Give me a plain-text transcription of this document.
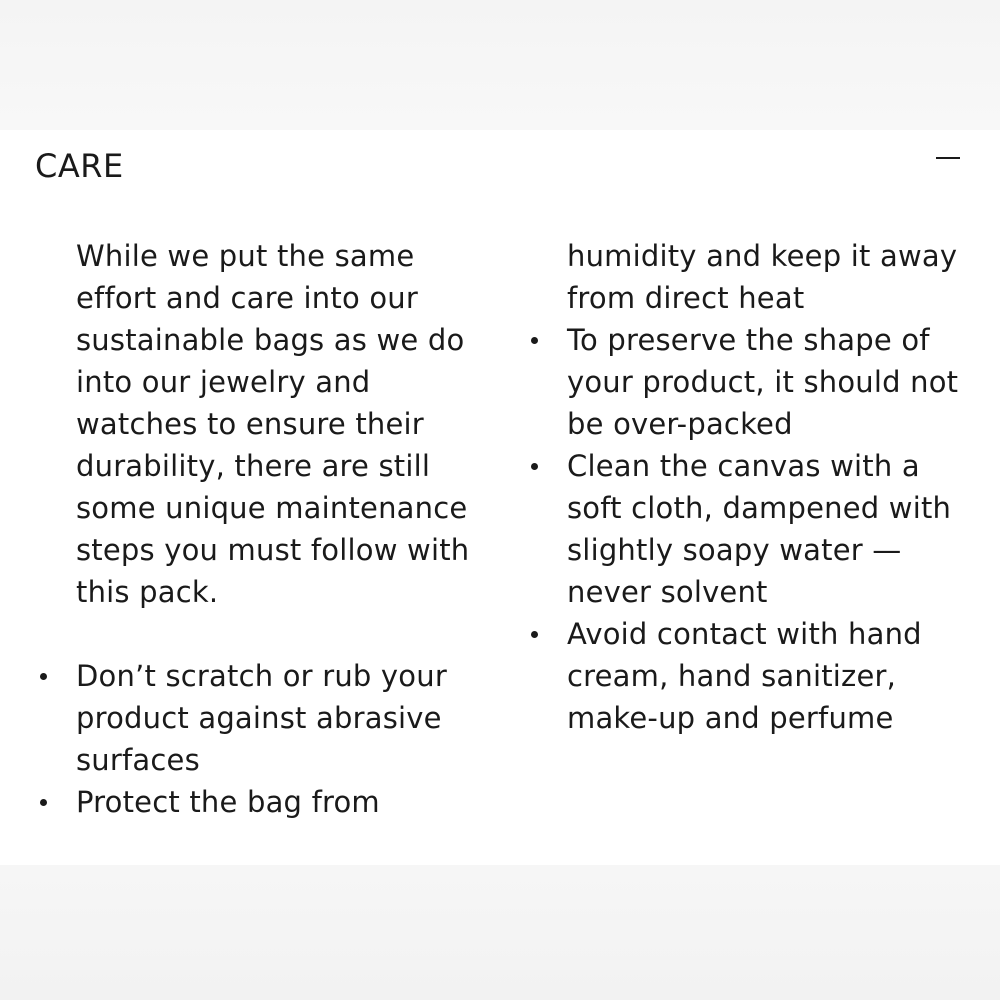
CARE
While we put the same
effort and care into our
sustainable bags as we do
into our jewelry and
watches to ensure their
durability, there are still
some unique maintenance
steps you must follow with
this pack.
Don’t scratch or rub your
product against abrasive
surfaces
Protect the bag from
humidity and keep it away
from direct heat
To preserve the shape of
your product, it should not
be over-packed
Clean the canvas with a
soft cloth, dampened with
slightly soapy water —
never solvent
Avoid contact with hand
cream, hand sanitizer,
make-up and perfume
